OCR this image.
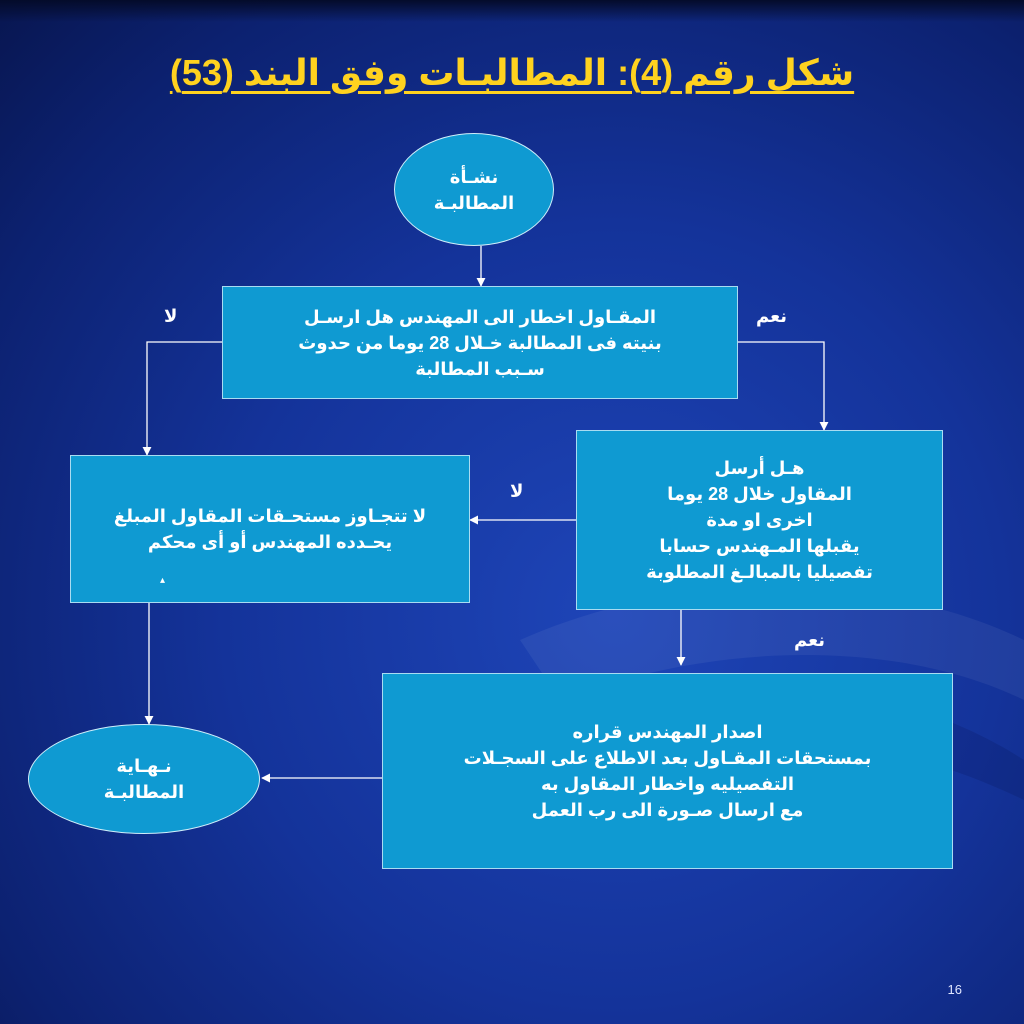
شكل رقم (4): المطالبـات وفق البند (53)
نشـأة
المطالبـة
المقـاول اخطار الى المهندس هل ارسـل
بنيته فى المطالبة خـلال 28 يوما من حدوث
سـبب المطالبة
لا	نعم
هـل أرسل
المقاول خلال 28 يوما
اخرى او مدة
يقبلها المـهندس حسابا
تفصيليا بالمبالـغ المطلوبة
لا تتجـاوز مستحـقات المقاول المبلغ
يحـدده المهندس أو أى محكم
▴
لا
نعم
اصدار المهندس قراره
بمستحقات المقـاول بعد الاطلاع على السجـلات
التفصيليه واخطار المقاول به
مع ارسال صـورة الى رب العمل
نـهـاية
المطالبـة
16
